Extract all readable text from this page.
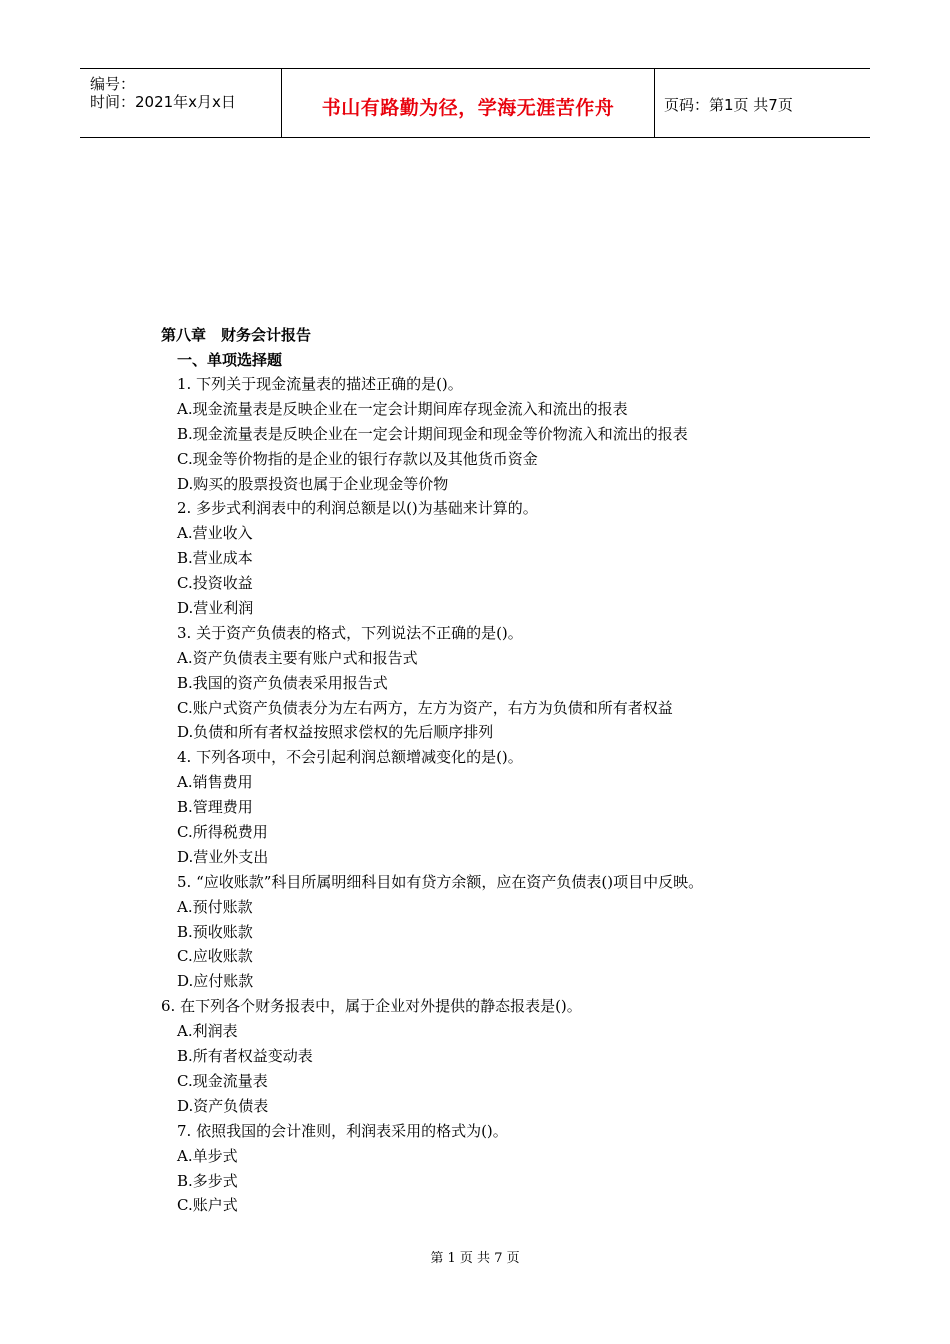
编号：
时间：2021年x月x日	书山有路勤为径，学海无涯苦作舟	页码：第1页 共7页
第八章　财务会计报告
一、单项选择题
1. 下列关于现金流量表的描述正确的是()。
A.现金流量表是反映企业在一定会计期间库存现金流入和流出的报表
B.现金流量表是反映企业在一定会计期间现金和现金等价物流入和流出的报表
C.现金等价物指的是企业的银行存款以及其他货币资金
D.购买的股票投资也属于企业现金等价物
2. 多步式利润表中的利润总额是以()为基础来计算的。
A.营业收入
B.营业成本
C.投资收益
D.营业利润
3. 关于资产负债表的格式，下列说法不正确的是()。
A.资产负债表主要有账户式和报告式
B.我国的资产负债表采用报告式
C.账户式资产负债表分为左右两方，左方为资产，右方为负债和所有者权益
D.负债和所有者权益按照求偿权的先后顺序排列
4. 下列各项中，不会引起利润总额增减变化的是()。
A.销售费用
B.管理费用
C.所得税费用
D.营业外支出
5. “应收账款”科目所属明细科目如有贷方余额，应在资产负债表()项目中反映。
A.预付账款
B.预收账款
C.应收账款
D.应付账款
6. 在下列各个财务报表中，属于企业对外提供的静态报表是()。
A.利润表
B.所有者权益变动表
C.现金流量表
D.资产负债表
7. 依照我国的会计准则，利润表采用的格式为()。
A.单步式
B.多步式
C.账户式
第 1 页 共 7 页
